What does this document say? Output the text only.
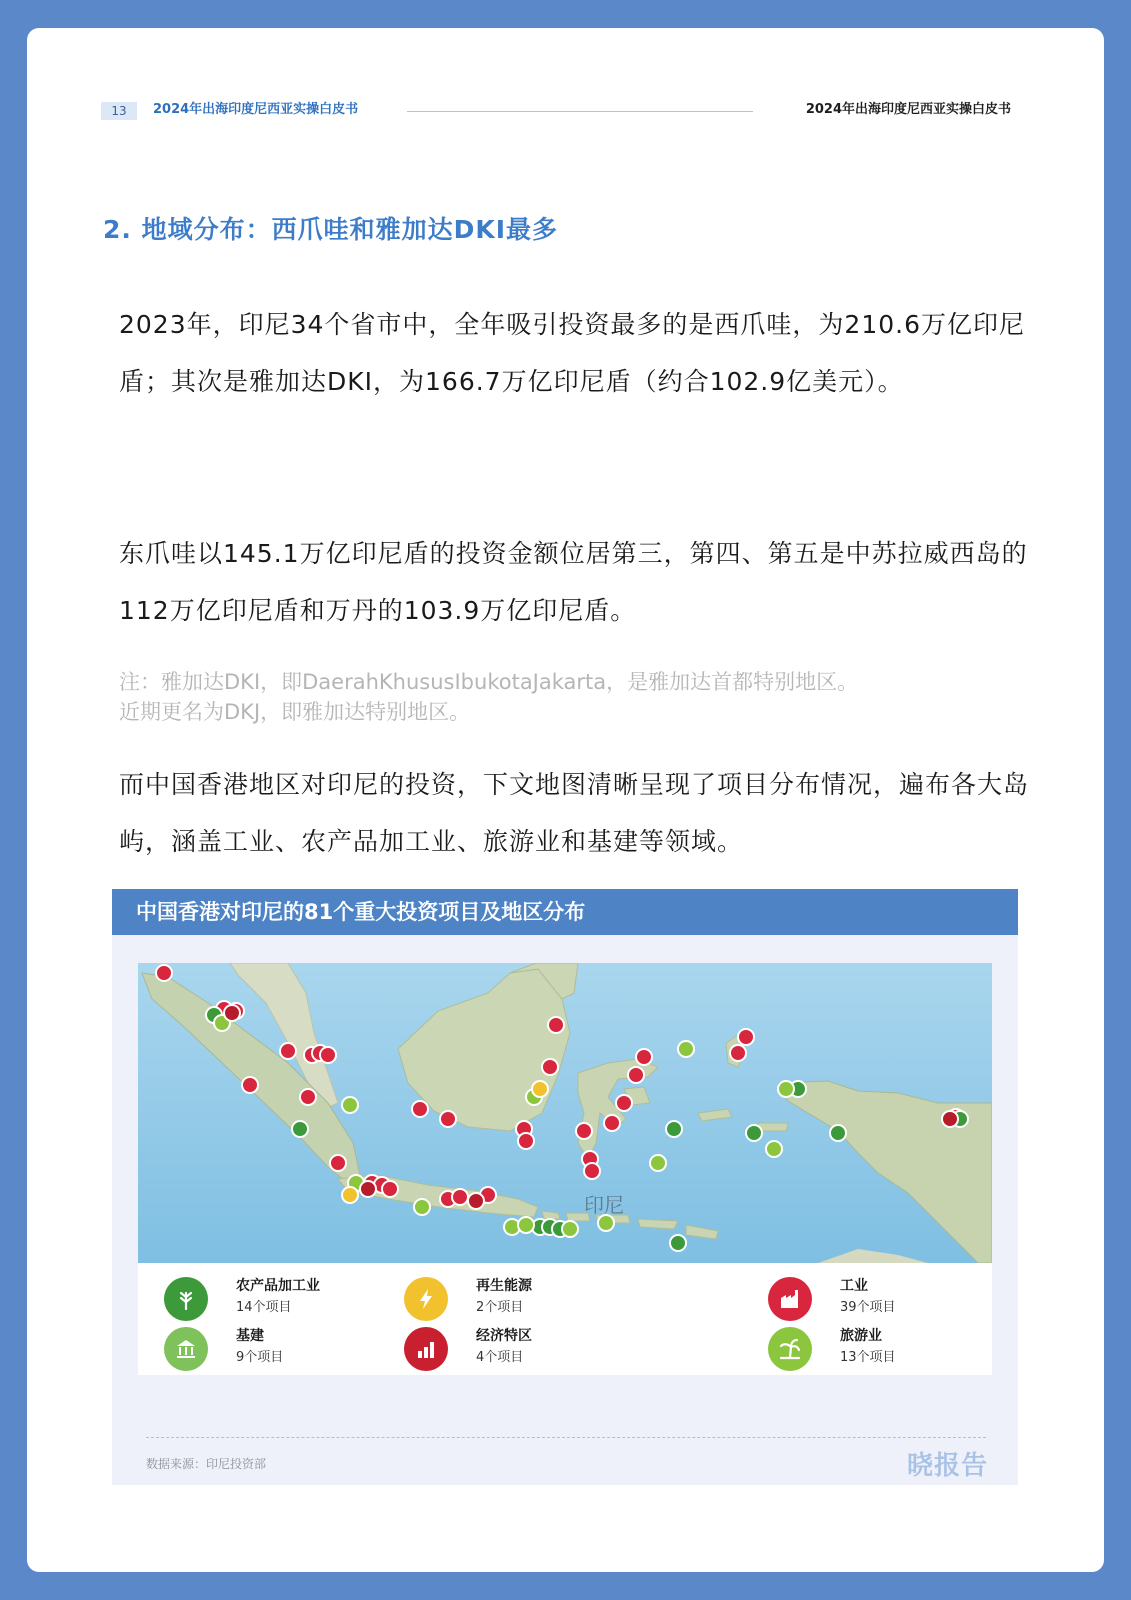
13	2024年出海印度尼西亚实操白皮书	2024年出海印度尼西亚实操白皮书
2. 地域分布：西爪哇和雅加达DKI最多
2023年，印尼34个省市中，全年吸引投资最多的是西爪哇，为210.6万亿印尼盾；其次是雅加达DKI，为166.7万亿印尼盾（约合102.9亿美元）。
东爪哇以145.1万亿印尼盾的投资金额位居第三，第四、第五是中苏拉威西岛的112万亿印尼盾和万丹的103.9万亿印尼盾。
注：雅加达DKI，即DaerahKhususIbukotaJakarta，是雅加达首都特别地区。
近期更名为DKJ，即雅加达特别地区。
而中国香港地区对印尼的投资，下文地图清晰呈现了项目分布情况，遍布各大岛屿，涵盖工业、农产品加工业、旅游业和基建等领域。
中国香港对印尼的81个重大投资项目及地区分布
印尼
农产品加工业
14个项目
再生能源
2个项目
工业
39个项目
基建
9个项目
经济特区
4个项目
旅游业
13个项目
数据来源：印尼投资部	晓报告
